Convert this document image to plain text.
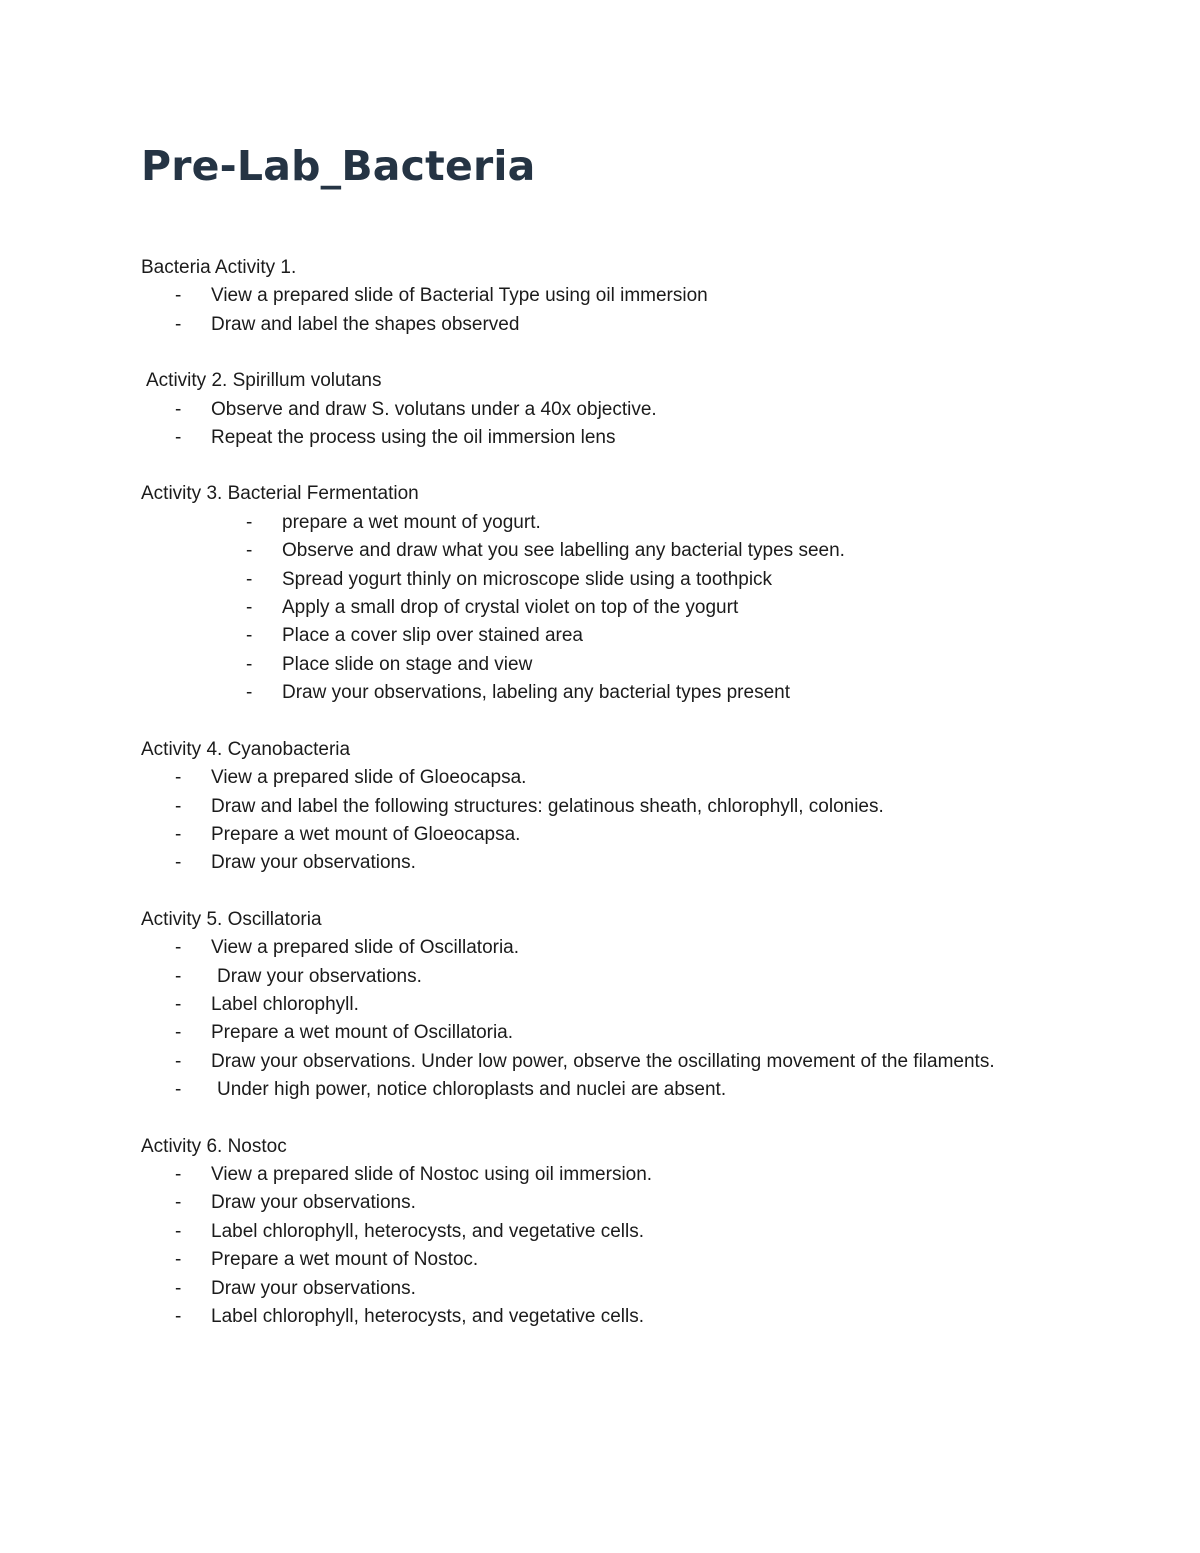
Pre-Lab_Bacteria

Bacteria Activity 1.

- View a prepared slide of Bacterial Type using oil immersion
- Draw and label the shapes observed

Activity 2. Spirillum volutans

- Observe and draw S. volutans under a 40x objective.
- Repeat the process using the oil immersion lens

Activity 3. Bacterial Fermentation

- prepare a wet mount of yogurt.
- Observe and draw what you see labelling any bacterial types seen.
- Spread yogurt thinly on microscope slide using a toothpick
- Apply a small drop of crystal violet on top of the yogurt
- Place a cover slip over stained area
- Place slide on stage and view
- Draw your observations, labeling any bacterial types present

Activity 4. Cyanobacteria

- View a prepared slide of Gloeocapsa.
- Draw and label the following structures: gelatinous sheath, chlorophyll, colonies.
- Prepare a wet mount of Gloeocapsa.
- Draw your observations.

Activity 5. Oscillatoria

- View a prepared slide of Oscillatoria.
- Draw your observations.
- Label chlorophyll.
- Prepare a wet mount of Oscillatoria.
- Draw your observations. Under low power, observe the oscillating movement of the filaments.
- Under high power, notice chloroplasts and nuclei are absent.

Activity 6. Nostoc

- View a prepared slide of Nostoc using oil immersion.
- Draw your observations.
- Label chlorophyll, heterocysts, and vegetative cells.
- Prepare a wet mount of Nostoc.
- Draw your observations.
- Label chlorophyll, heterocysts, and vegetative cells.
